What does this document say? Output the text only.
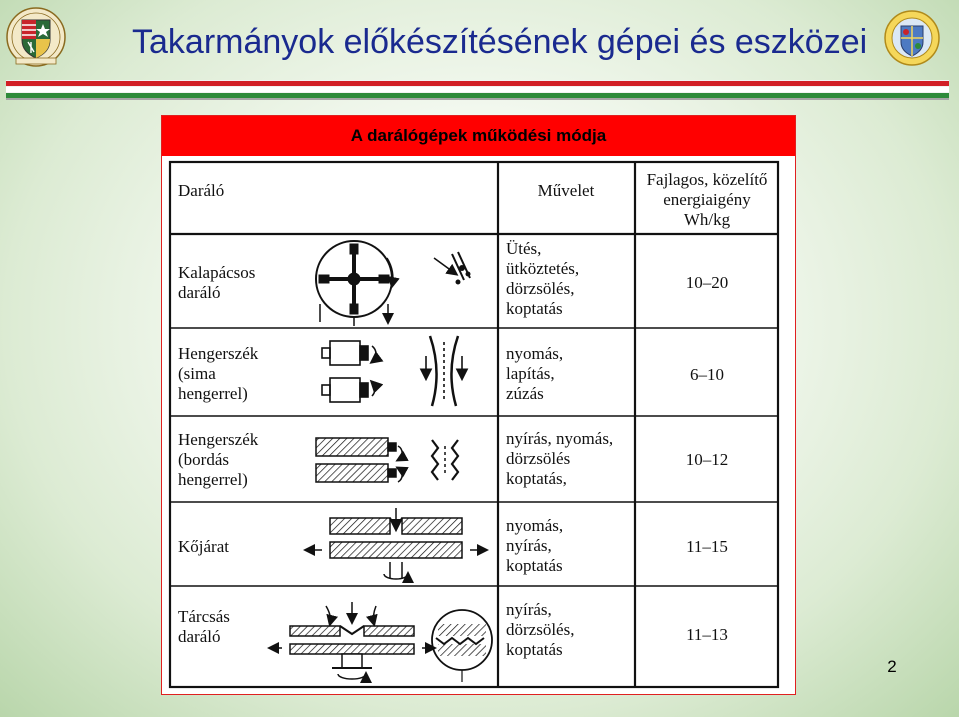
Takarmányok előkészítésének gépei és eszközei
A darálógépek működési módja
Daráló	Művelet
Fajlagos, közelítő
energiaigény
Wh/kg
Kalapácsos
daráló
Ütés,
ütköztetés,
dörzsölés,
koptatás
10–20
Hengerszék
(sima
hengerrel)
nyomás,
lapítás,
zúzás
6–10
Hengerszék
(bordás
hengerrel)
nyírás, nyomás,
dörzsölés
koptatás,
10–12
Kőjárat
nyomás,
nyírás,
koptatás
11–15
Tárcsás
daráló
nyírás,
dörzsölés,
koptatás
11–13
2
